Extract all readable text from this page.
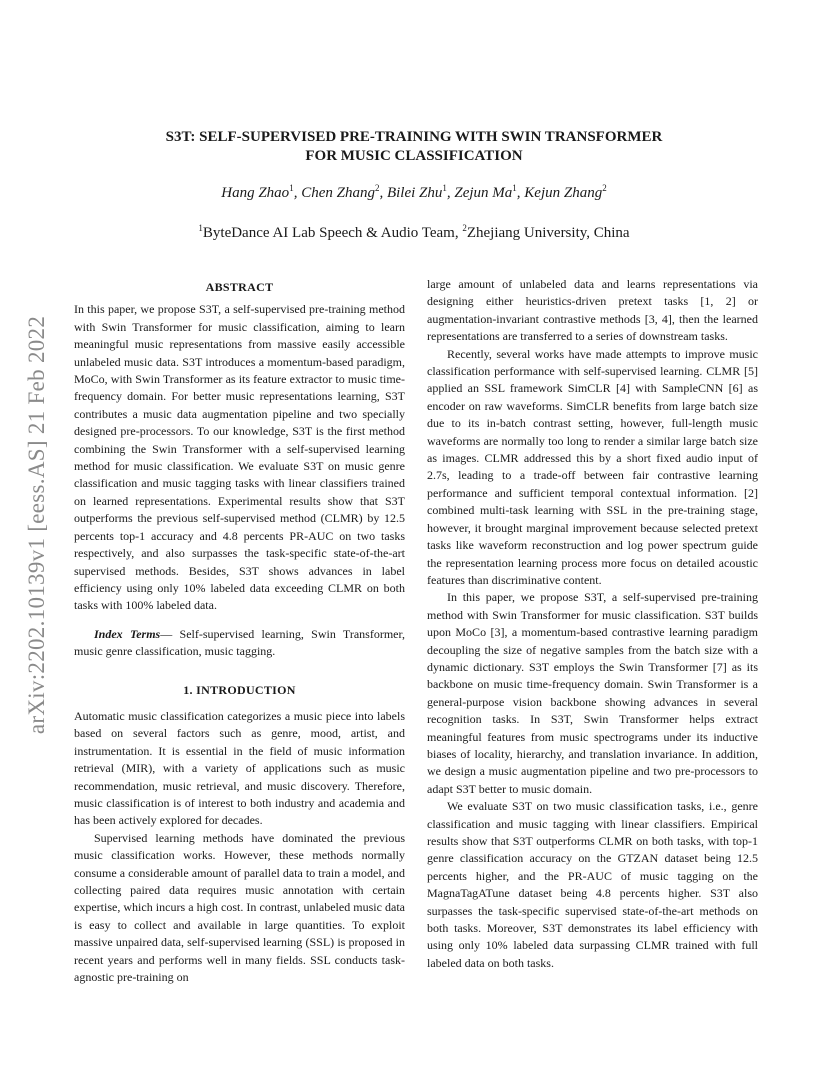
arXiv:2202.10139v1 [eess.AS] 21 Feb 2022
S3T: SELF-SUPERVISED PRE-TRAINING WITH SWIN TRANSFORMER
FOR MUSIC CLASSIFICATION
Hang Zhao$^1$, Chen Zhang$^2$, Bilei Zhu$^1$, Zejun Ma$^1$, Kejun Zhang$^2$
$^1$ByteDance AI Lab Speech & Audio Team, $^2$Zhejiang University, China
ABSTRACT

In this paper, we propose S3T, a self-supervised pre-training method with Swin Transformer for music classification, aiming to learn meaningful music representations from massive easily accessible unlabeled music data. S3T introduces a momentum-based paradigm, MoCo, with Swin Transformer as its feature extractor to music time-frequency domain. For better music representations learning, S3T contributes a music data augmentation pipeline and two specially designed pre-processors. To our knowledge, S3T is the first method combining the Swin Transformer with a self-supervised learning method for music classification. We evaluate S3T on music genre classification and music tagging tasks with linear classifiers trained on learned representations. Experimental results show that S3T outperforms the previous self-supervised method (CLMR) by 12.5 percents top-1 accuracy and 4.8 percents PR-AUC on two tasks respectively, and also surpasses the task-specific state-of-the-art supervised methods. Besides, S3T shows advances in label efficiency using only 10% labeled data exceeding CLMR on both tasks with 100% labeled data.

Index Terms— Self-supervised learning, Swin Transformer, music genre classification, music tagging.

1. INTRODUCTION

Automatic music classification categorizes a music piece into labels based on several factors such as genre, mood, artist, and instrumentation. It is essential in the field of music information retrieval (MIR), with a variety of applications such as music recommendation, music retrieval, and music discovery. Therefore, music classification is of interest to both industry and academia and has been actively explored for decades.

Supervised learning methods have dominated the previous music classification works. However, these methods normally consume a considerable amount of parallel data to train a model, and collecting paired data requires music annotation with certain expertise, which incurs a high cost. In contrast, unlabeled music data is easy to collect and available in large quantities. To exploit massive unpaired data, self-supervised learning (SSL) is proposed in recent years and performs well in many fields. SSL conducts task-agnostic pre-training on

large amount of unlabeled data and learns representations via designing either heuristics-driven pretext tasks [1, 2] or augmentation-invariant contrastive methods [3, 4], then the learned representations are transferred to a series of downstream tasks.

Recently, several works have made attempts to improve music classification performance with self-supervised learning. CLMR [5] applied an SSL framework SimCLR [4] with SampleCNN [6] as encoder on raw waveforms. SimCLR benefits from large batch size due to its in-batch contrast setting, however, full-length music waveforms are normally too long to render a similar large batch size as images. CLMR addressed this by a short fixed audio input of 2.7s, leading to a trade-off between fair contrastive learning performance and sufficient temporal contextual information. [2] combined multi-task learning with SSL in the pre-training stage, however, it brought marginal improvement because selected pretext tasks like waveform reconstruction and log power spectrum guide the representation learning process more focus on detailed acoustic features than discriminative content.

In this paper, we propose S3T, a self-supervised pre-training method with Swin Transformer for music classification. S3T builds upon MoCo [3], a momentum-based contrastive learning paradigm decoupling the size of negative samples from the batch size with a dynamic dictionary. S3T employs the Swin Transformer [7] as its backbone on music time-frequency domain. Swin Transformer is a general-purpose vision backbone showing advances in several recognition tasks. In S3T, Swin Transformer helps extract meaningful features from music spectrograms under its inductive biases of locality, hierarchy, and translation invariance. In addition, we design a music augmentation pipeline and two pre-processors to adapt S3T better to music domain.

We evaluate S3T on two music classification tasks, i.e., genre classification and music tagging with linear classifiers. Empirical results show that S3T outperforms CLMR on both tasks, with top-1 genre classification accuracy on the GTZAN dataset being 12.5 percents higher, and the PR-AUC of music tagging on the MagnaTagATune dataset being 4.8 percents higher. S3T also surpasses the task-specific supervised state-of-the-art methods on both tasks. Moreover, S3T demonstrates its label efficiency with using only 10% labeled data surpassing CLMR trained with full labeled data on both tasks.
